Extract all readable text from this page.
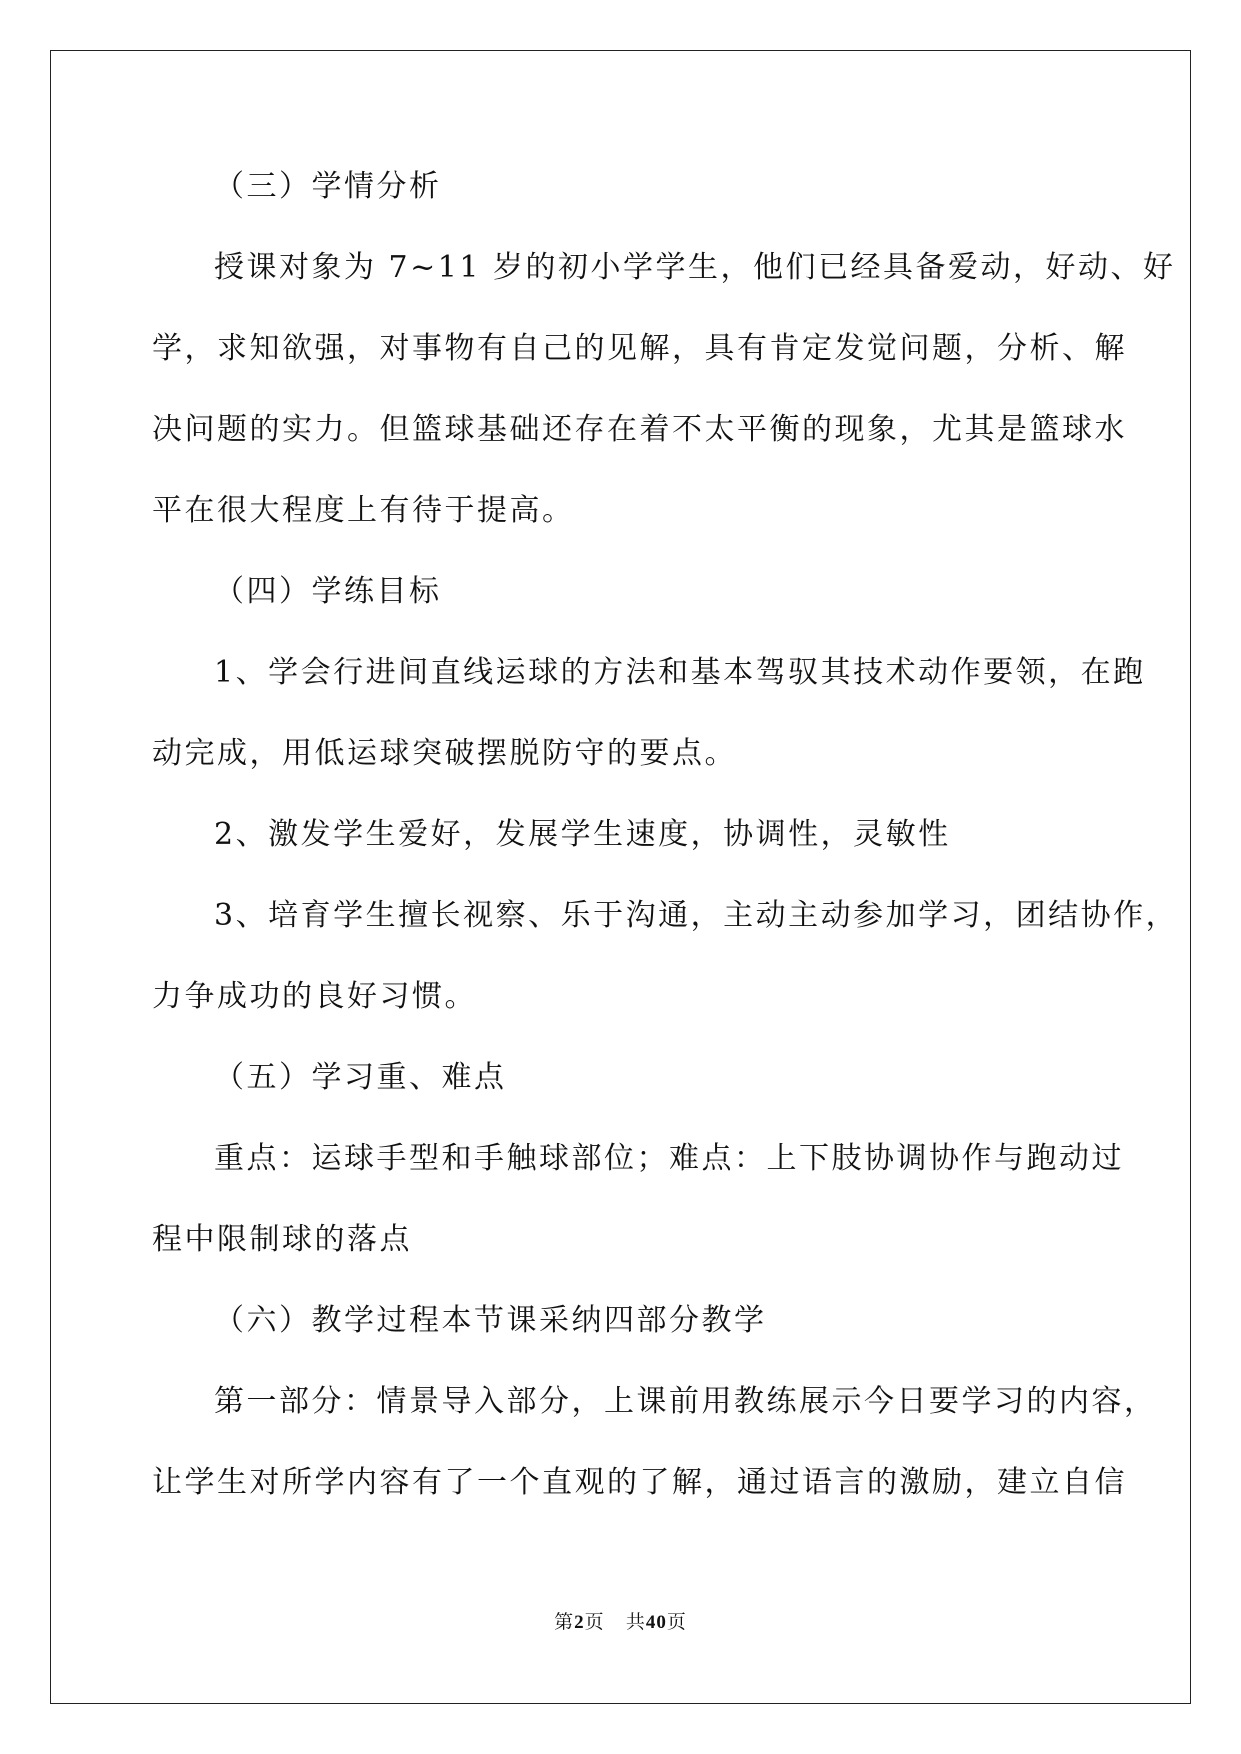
（三）学情分析
授课对象为 7~11 岁的初小学学生，他们已经具备爱动，好动、好
学，求知欲强，对事物有自己的见解，具有肯定发觉问题，分析、解
决问题的实力。但篮球基础还存在着不太平衡的现象，尤其是篮球水
平在很大程度上有待于提高。
（四）学练目标
1、学会行进间直线运球的方法和基本驾驭其技术动作要领，在跑
动完成，用低运球突破摆脱防守的要点。
2、激发学生爱好，发展学生速度，协调性，灵敏性
3、培育学生擅长视察、乐于沟通，主动主动参加学习，团结协作，
力争成功的良好习惯。
（五）学习重、难点
重点：运球手型和手触球部位；难点：上下肢协调协作与跑动过
程中限制球的落点
（六）教学过程本节课采纳四部分教学
第一部分：情景导入部分，上课前用教练展示今日要学习的内容，
让学生对所学内容有了一个直观的了解，通过语言的激励，建立自信
第2页 共40页
